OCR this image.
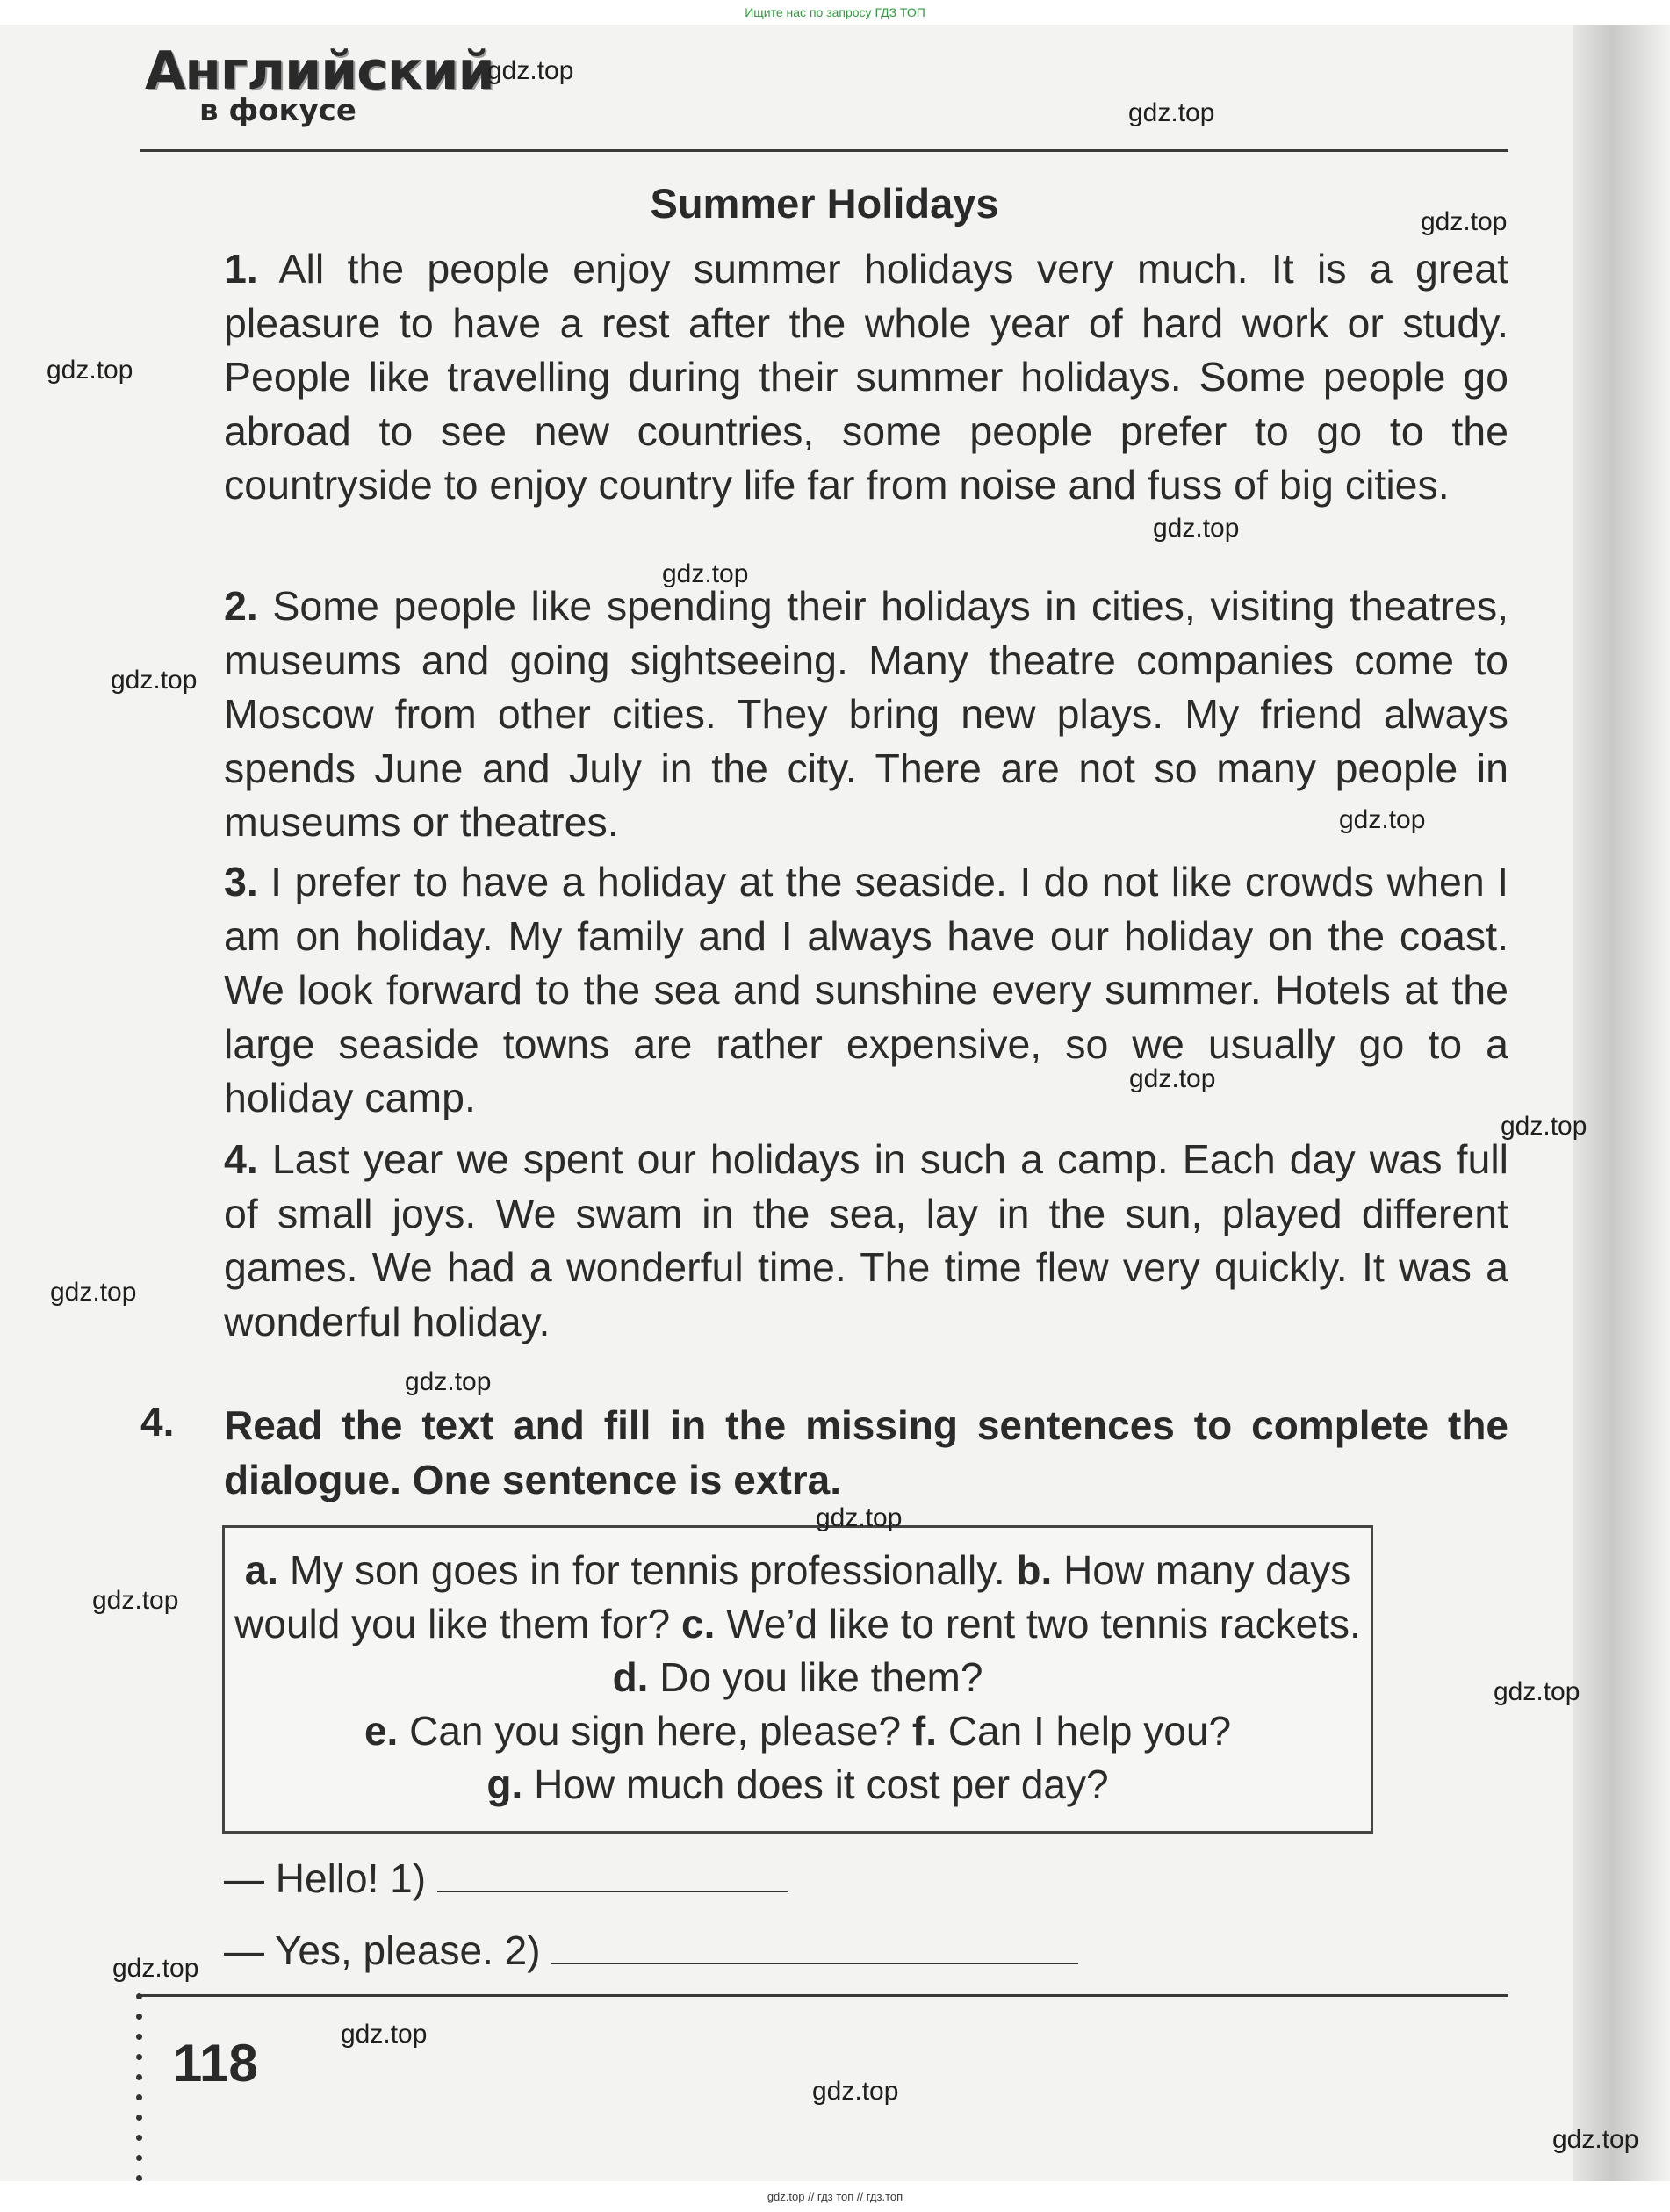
Ищите нас по запросу ГДЗ ТОП
Английский
в фокусе
Summer Holidays
1. All the people enjoy summer holidays very much. It is a great pleasure to have a rest after the whole year of hard work or study. People like travelling during their summer holidays. Some people go abroad to see new countries, some people prefer to go to the countryside to enjoy country life far from noise and fuss of big cities.
2. Some people like spending their holidays in cities, visiting theatres, museums and going sightseeing. Many theatre companies come to Moscow from other cities. They bring new plays. My friend always spends June and July in the city. There are not so many people in museums or theatres.
3. I prefer to have a holiday at the seaside. I do not like crowds when I am on holiday. My family and I always have our holiday on the coast. We look forward to the sea and sunshine every summer. Hotels at the large seaside towns are rather expensive, so we usually go to a holiday camp.
4. Last year we spent our holidays in such a camp. Each day was full of small joys. We swam in the sea, lay in the sun, played different games. We had a wonderful time. The time flew very quickly. It was a wonderful holiday.
4. Read the text and fill in the missing sentences to complete the dialogue. One sentence is extra.
a. My son goes in for tennis professionally. b. How many days would you like them for? c. We’d like to rent two tennis rackets. d. Do you like them?
e. Can you sign here, please? f. Can I help you?
g. How much does it cost per day?
— Hello! 1)
— Yes, please. 2)
118
gdz.top
gdz.top
gdz.top
gdz.top
gdz.top
gdz.top
gdz.top
gdz.top
gdz.top
gdz.top
gdz.top
gdz.top
gdz.top
gdz.top
gdz.top
gdz.top
gdz.top
gdz.top
gdz.top
gdz.top // гдз топ // гдз.топ
